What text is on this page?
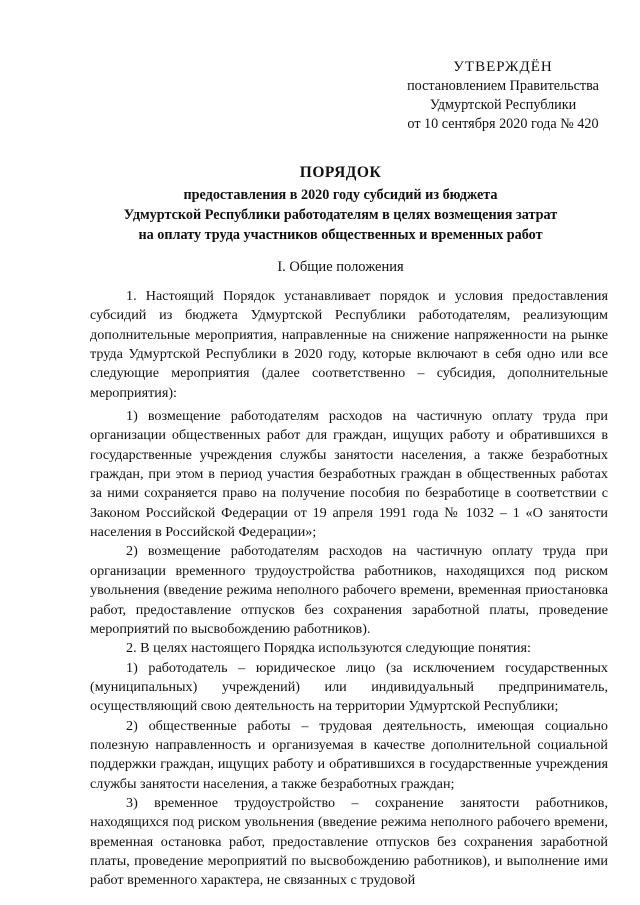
УТВЕРЖДЁН
постановлением Правительства
Удмуртской Республики
от 10 сентября 2020 года № 420
ПОРЯДОК
предоставления в 2020 году субсидий из бюджета
Удмуртской Республики работодателям в целях возмещения затрат
на оплату труда участников общественных и временных работ
I. Общие положения

1. Настоящий Порядок устанавливает порядок и условия предоставления субсидий из бюджета Удмуртской Республики работодателям, реализующим дополнительные мероприятия, направленные на снижение напряженности на рынке труда Удмуртской Республики в 2020 году, которые включают в себя одно или все следующие мероприятия (далее соответственно – субсидия, дополнительные мероприятия):

1) возмещение работодателям расходов на частичную оплату труда при организации общественных работ для граждан, ищущих работу и обратившихся в государственные учреждения службы занятости населения, а также безработных граждан, при этом в период участия безработных граждан в общественных работах за ними сохраняется право на получение пособия по безработице в соответствии с Законом Российской Федерации от 19 апреля 1991 года № 1032 – 1 «О занятости населения в Российской Федерации»;

2) возмещение работодателям расходов на частичную оплату труда при организации временного трудоустройства работников, находящихся под риском увольнения (введение режима неполного рабочего времени, временная приостановка работ, предоставление отпусков без сохранения заработной платы, проведение мероприятий по высвобождению работников).

2. В целях настоящего Порядка используются следующие понятия:

1) работодатель – юридическое лицо (за исключением государственных (муниципальных) учреждений) или индивидуальный предприниматель, осуществляющий свою деятельность на территории Удмуртской Республики;

2) общественные работы – трудовая деятельность, имеющая социально полезную направленность и организуемая в качестве дополнительной социальной поддержки граждан, ищущих работу и обратившихся в государственные учреждения службы занятости населения, а также безработных граждан;

3) временное трудоустройство – сохранение занятости работников, находящихся под риском увольнения (введение режима неполного рабочего времени, временная остановка работ, предоставление отпусков без сохранения заработной платы, проведение мероприятий по высвобождению работников), и выполнение ими работ временного характера, не связанных с трудовой
